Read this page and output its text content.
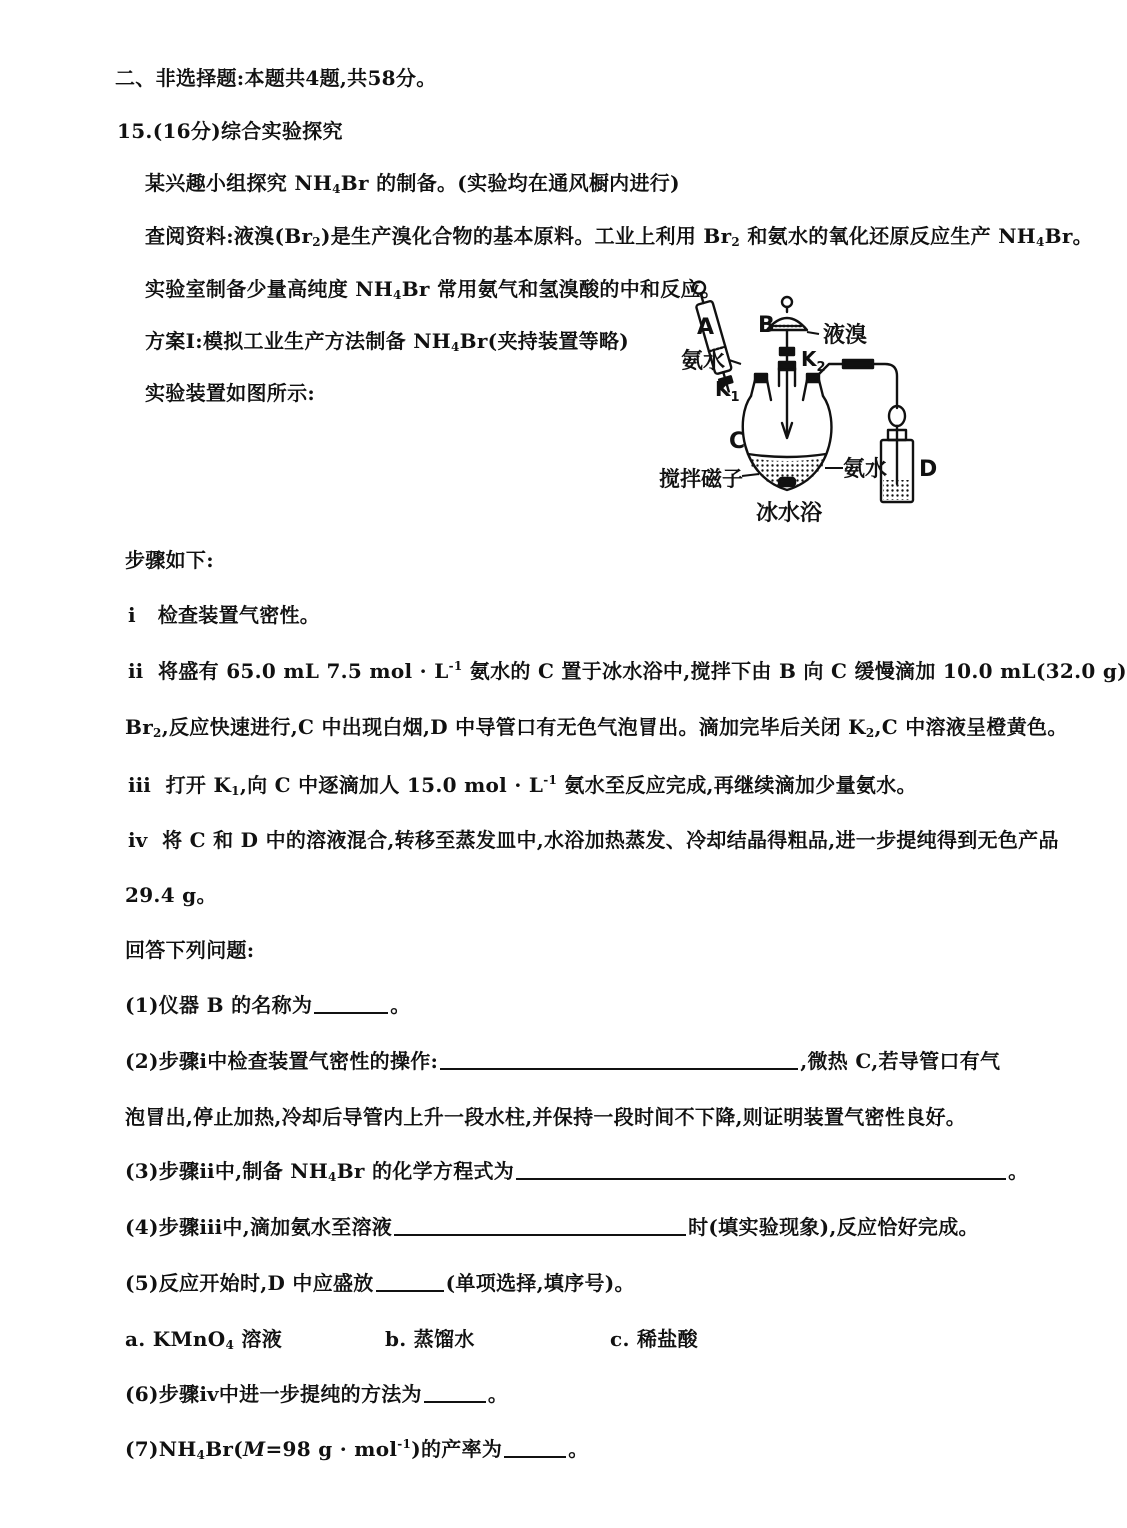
二、非选择题:本题共4题,共58分。
15.(16分)综合实验探究
某兴趣小组探究 $NH_4Br$ 的制备。(实验均在通风橱内进行)
查阅资料:液溴$(Br_2)$是生产溴化合物的基本原料。工业上利用 $Br_2$ 和氨水的氧化还原反应生产 $NH_4Br$。
实验室制备少量高纯度 $NH_4Br$ 常用氨气和氢溴酸的中和反应。
方案Ⅰ:模拟工业生产方法制备 $NH_4Br$(夹持装置等略)
实验装置如图所示:
A B 液溴
氨水	$K_2$
$K_1$
C
氨水 D
搅拌磁子
冰水浴
步骤如下:
ⅰ 检查装置气密性。
ⅱ 将盛有 65.0 mL 7.5 mol · $L^{-1}$ 氨水的 C 置于冰水浴中,搅拌下由 B 向 C 缓慢滴加 10.0 mL(32.0 g)
$Br_2$,反应快速进行,C 中出现白烟,D 中导管口有无色气泡冒出。滴加完毕后关闭 $K_2,C$ 中溶液呈橙黄色。
ⅲ 打开 $K_1$,向 C 中逐滴加人 15.0 mol · $L^{-1}$ 氨水至反应完成,再继续滴加少量氨水。
ⅳ 将 C 和 D 中的溶液混合,转移至蒸发皿中,水浴加热蒸发、冷却结晶得粗品,进一步提纯得到无色产品
29.4 g。
回答下列问题:
(1)仪器 B 的名称为	。
(2)步骤ⅰ中检查装置气密性的操作:	,微热 C,若导管口有气
泡冒出,停止加热,冷却后导管内上升一段水柱,并保持一段时间不下降,则证明装置气密性良好。
(3)步骤ⅱ中,制备 $NH_4Br$ 的化学方程式为	。
(4)步骤ⅲ中,滴加氨水至溶液	时(填实验现象),反应恰好完成。
(5)反应开始时,D 中应盛放	(单项选择,填序号)。
a. KMnO$_4$ 溶液	b. 蒸馏水	c. 稀盐酸
(6)步骤ⅳ中进一步提纯的方法为	。
$(7)NH_4Br(M=98$ g · mol$^{-1}$)的产率为	。
